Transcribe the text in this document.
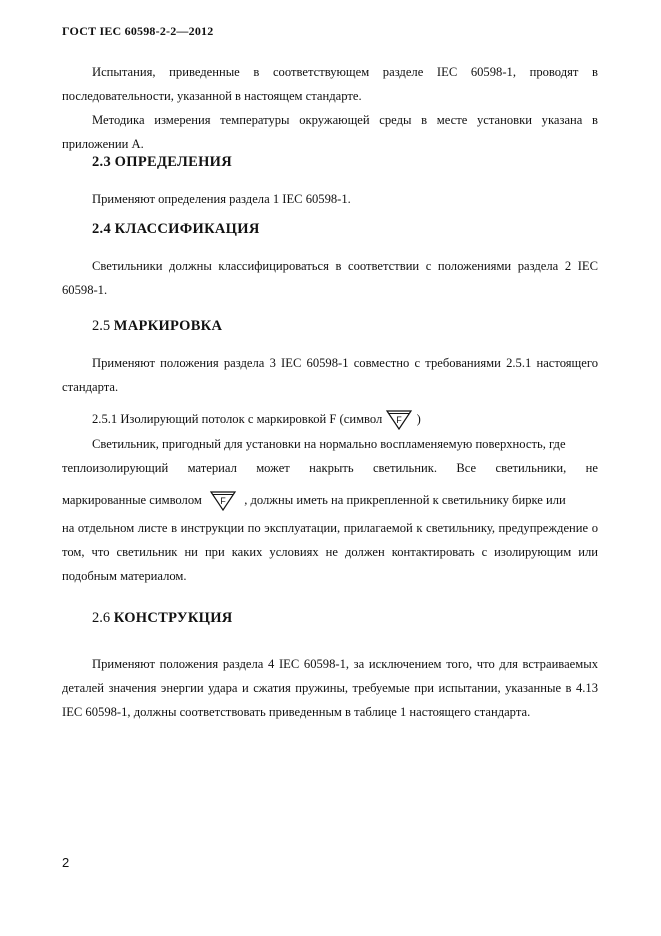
ГОСТ IEC 60598-2-2—2012

Испытания, приведенные в соответствующем разделе IEC 60598-1, проводят в последовательности, указанной в настоящем стандарте.

Методика измерения температуры окружающей среды в месте установки указана в приложении А.

2.3 ОПРЕДЕЛЕНИЯ

Применяют определения раздела 1 IEC 60598-1.

2.4 КЛАССИФИКАЦИЯ

Светильники должны классифицироваться в соответствии с положениями раздела 2 IEC 60598-1.

2.5 МАРКИРОВКА

Применяют положения раздела 3 IEC 60598-1 совместно с требованиями 2.5.1 настоящего стандарта.

2.5.1 Изолирующий потолок с маркировкой F (символ F )
Светильник, пригодный для установки на нормально воспламеняемую поверхность, где
теплоизолирующий материал может накрыть светильник. Все светильники, не
маркированные символом F , должны иметь на прикрепленной к светильнику бирке или

на отдельном листе в инструкции по эксплуатации, прилагаемой к светильнику, предупреждение о том, что светильник ни при каких условиях не должен контактировать с изолирующим или подобным материалом.

2.6 КОНСТРУКЦИЯ

Применяют положения раздела 4 IEC 60598-1, за исключением того, что для встраиваемых деталей значения энергии удара и сжатия пружины, требуемые при испытании, указанные в 4.13 IEC 60598-1, должны соответствовать приведенным в таблице 1 настоящего стандарта.

2
